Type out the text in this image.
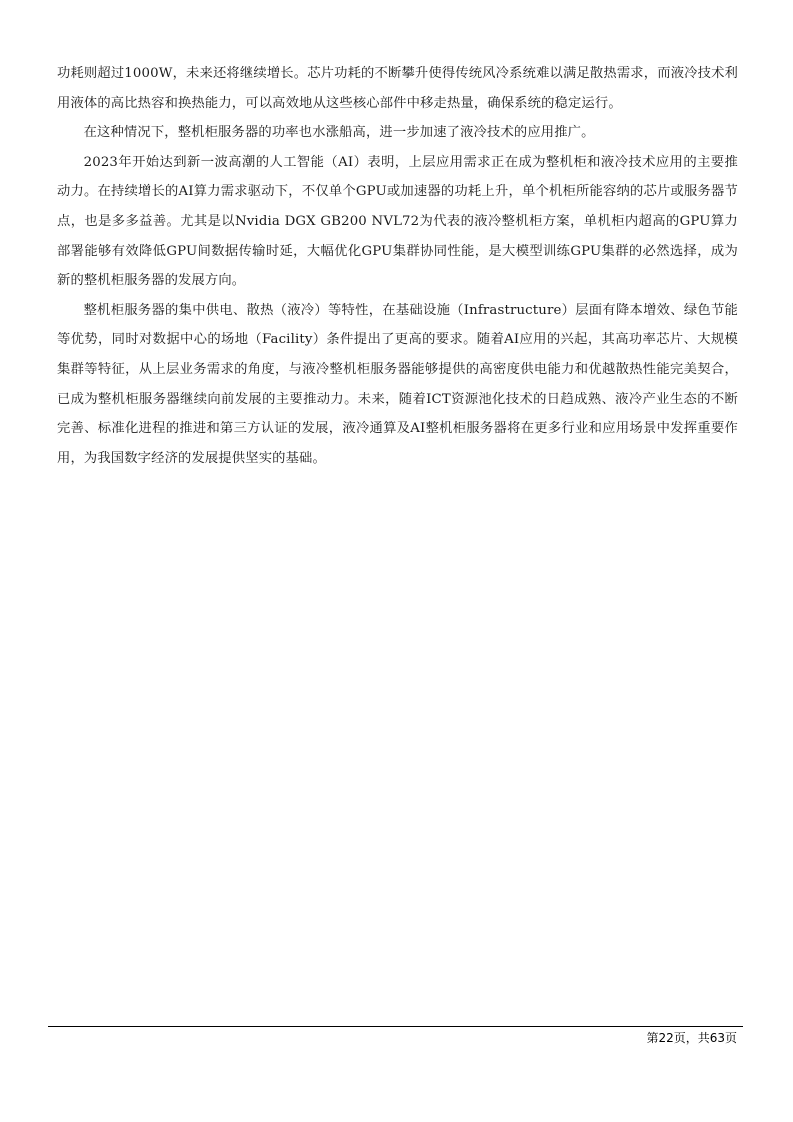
功耗则超过1000W，未来还将继续增长。芯片功耗的不断攀升使得传统风冷系统难以满足散热需求，而液冷技术利用液体的高比热容和换热能力，可以高效地从这些核心部件中移走热量，确保系统的稳定运行。

在这种情况下，整机柜服务器的功率也水涨船高，进一步加速了液冷技术的应用推广。

2023年开始达到新一波高潮的人工智能（AI）表明，上层应用需求正在成为整机柜和液冷技术应用的主要推动力。在持续增长的AI算力需求驱动下，不仅单个GPU或加速器的功耗上升，单个机柜所能容纳的芯片或服务器节点，也是多多益善。尤其是以Nvidia DGX GB200 NVL72为代表的液冷整机柜方案，单机柜内超高的GPU算力部署能够有效降低GPU间数据传输时延，大幅优化GPU集群协同性能，是大模型训练GPU集群的必然选择，成为新的整机柜服务器的发展方向。

整机柜服务器的集中供电、散热（液冷）等特性，在基础设施（Infrastructure）层面有降本增效、绿色节能等优势，同时对数据中心的场地（Facility）条件提出了更高的要求。随着AI应用的兴起，其高功率芯片、大规模集群等特征，从上层业务需求的角度，与液冷整机柜服务器能够提供的高密度供电能力和优越散热性能完美契合，已成为整机柜服务器继续向前发展的主要推动力。未来，随着ICT资源池化技术的日趋成熟、液冷产业生态的不断完善、标准化进程的推进和第三方认证的发展，液冷通算及AI整机柜服务器将在更多行业和应用场景中发挥重要作用，为我国数字经济的发展提供坚实的基础。

第22页，共63页
